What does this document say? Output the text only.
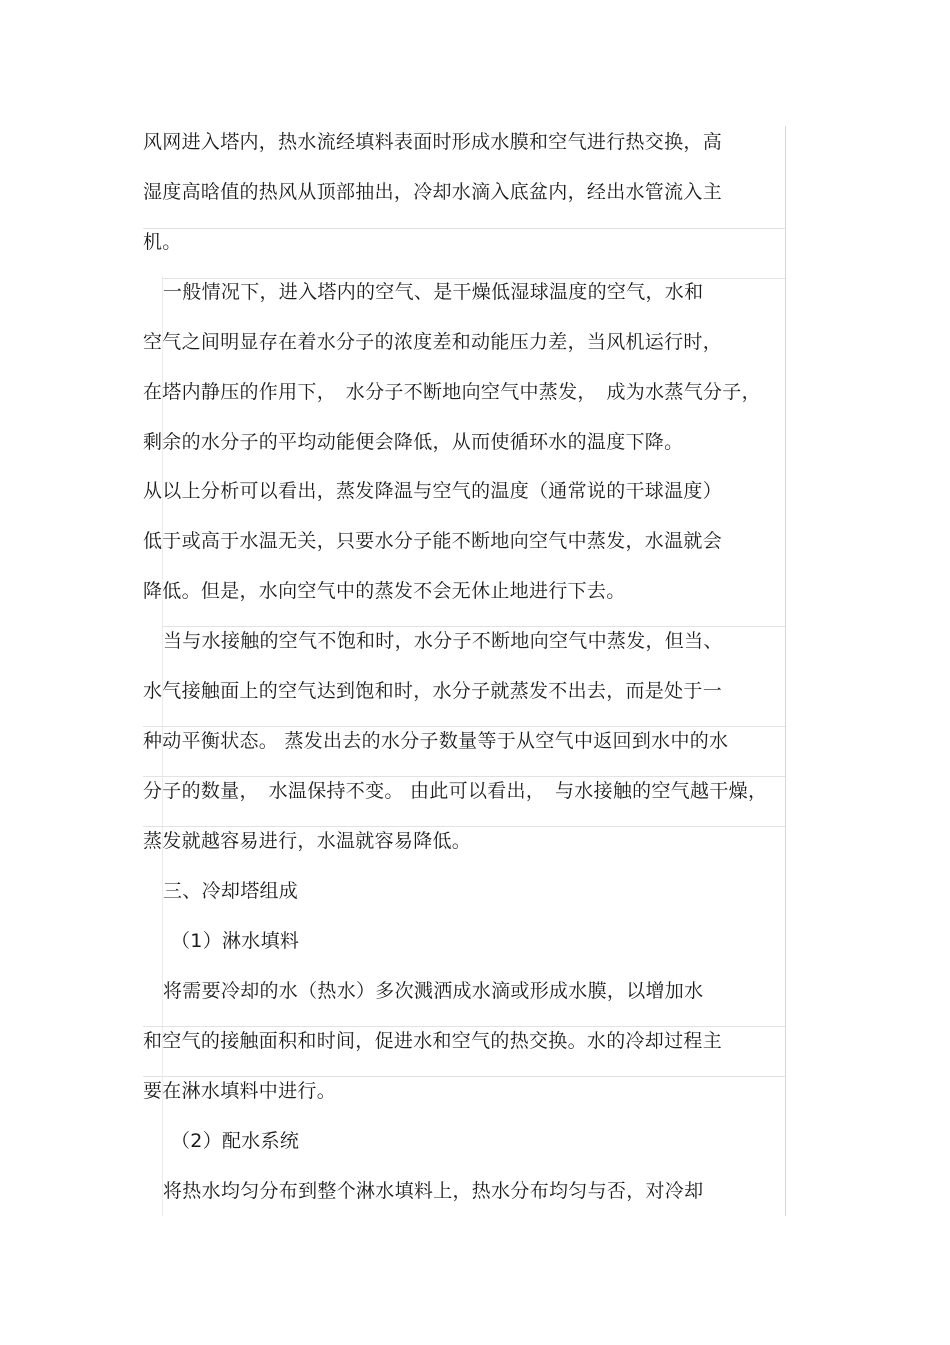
风网进入塔内，热水流经填料表面时形成水膜和空气进行热交换，高
湿度高晗值的热风从顶部抽出，冷却水滴入底盆内，经出水管流入主
机。
一般情况下，进入塔内的空气、是干燥低湿球温度的空气，水和
空气之间明显存在着水分子的浓度差和动能压力差，当风机运行时，
在塔内静压的作用下，　水分子不断地向空气中蒸发，　成为水蒸气分子，
剩余的水分子的平均动能便会降低，从而使循环水的温度下降。
从以上分析可以看出，蒸发降温与空气的温度（通常说的干球温度）
低于或高于水温无关，只要水分子能不断地向空气中蒸发，水温就会
降低。但是，水向空气中的蒸发不会无休止地进行下去。
当与水接触的空气不饱和时，水分子不断地向空气中蒸发，但当、
水气接触面上的空气达到饱和时，水分子就蒸发不出去，而是处于一
种动平衡状态。 蒸发出去的水分子数量等于从空气中返回到水中的水
分子的数量，　水温保持不变。 由此可以看出，　与水接触的空气越干燥，
蒸发就越容易进行，水温就容易降低。
三、冷却塔组成
（1）淋水填料
将需要冷却的水（热水）多次溅洒成水滴或形成水膜，以增加水
和空气的接触面积和时间，促进水和空气的热交换。水的冷却过程主
要在淋水填料中进行。
（2）配水系统
将热水均匀分布到整个淋水填料上，热水分布均匀与否，对冷却
